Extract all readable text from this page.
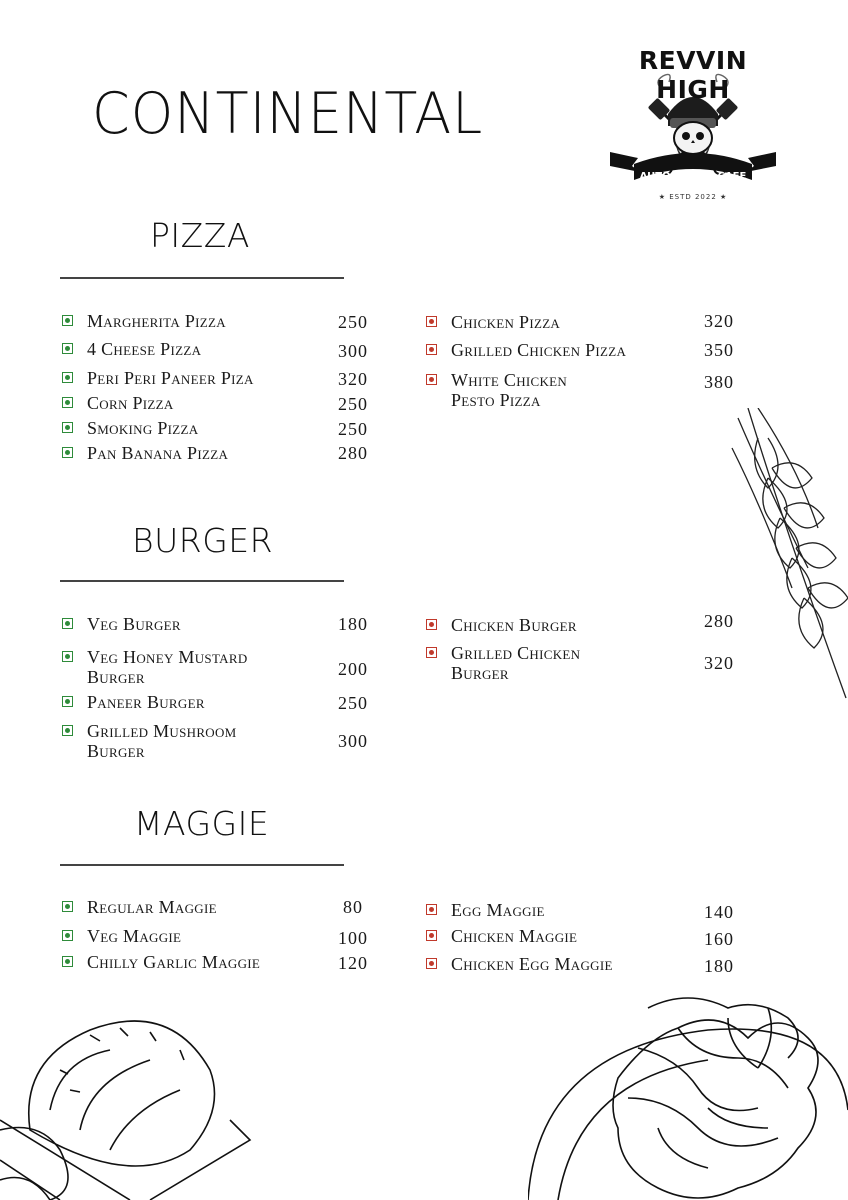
CONTINENTAL
REVVIN HIGH
AUTOMOTIVE CAFE
★ ESTD 2022 ★
PIZZA
Margherita Pizza	250
4 Cheese Pizza	300
Peri Peri Paneer Piza	320
Corn Pizza	250
Smoking Pizza	250
Pan Banana Pizza	280
Chicken Pizza	320
Grilled Chicken Pizza	350
White Chicken
Pesto Pizza
380
BURGER
Veg Burger	180
Veg Honey Mustard
Burger	200
Paneer Burger	250
Grilled Mushroom
Burger	300
Chicken Burger	280
Grilled Chicken
Burger	320
MAGGIE
Regular Maggie	80
Veg Maggie	100
Chilly Garlic Maggie	120
Egg Maggie	140
Chicken Maggie	160
Chicken Egg Maggie	180
